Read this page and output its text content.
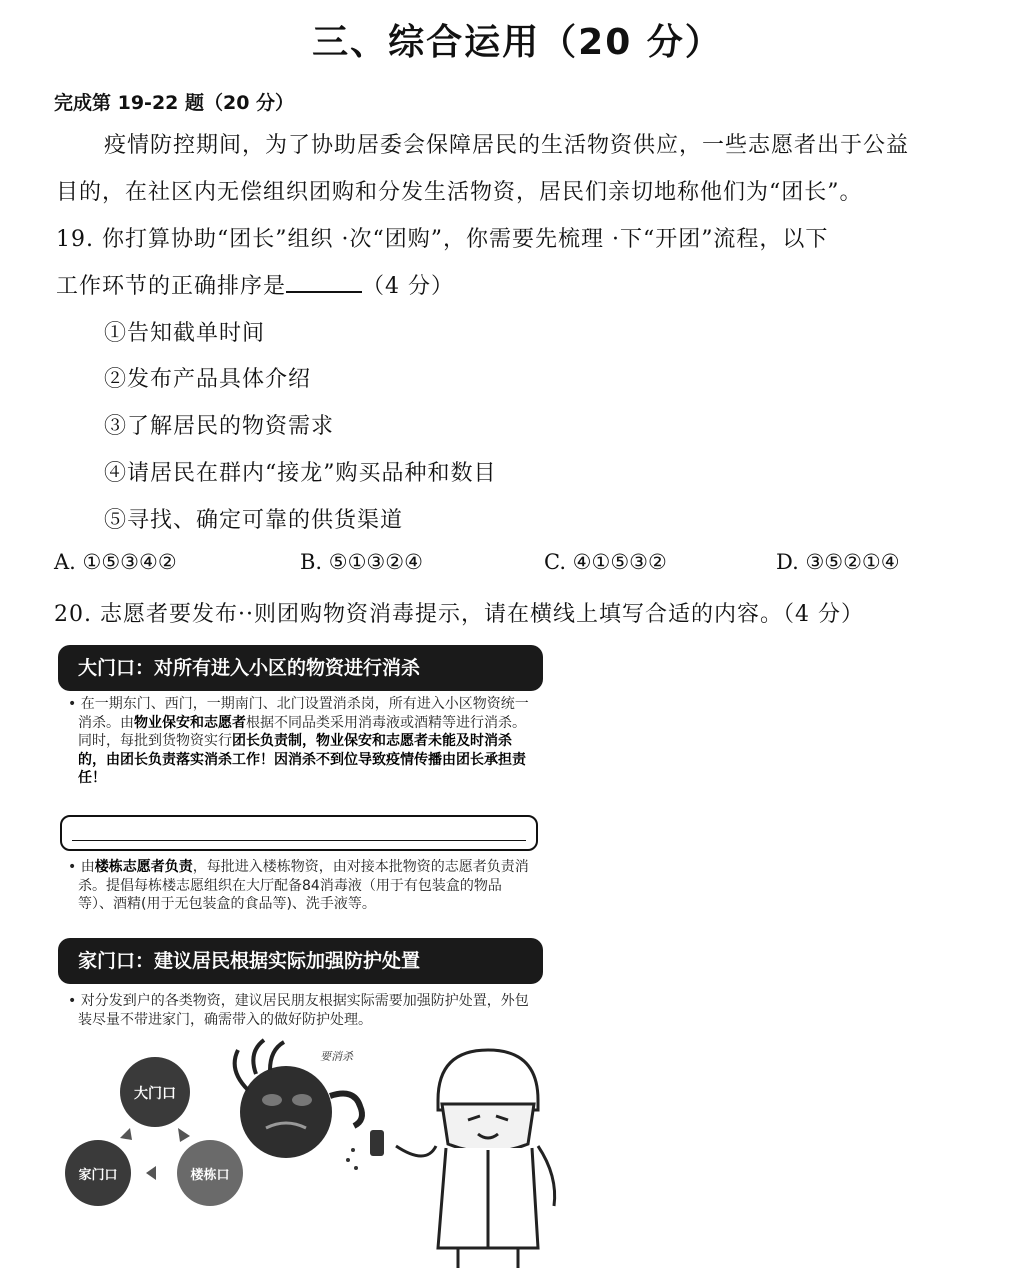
三、综合运用（20 分）
完成第 19-22 题（20 分）
疫情防控期间，为了协助居委会保障居民的生活物资供应，一些志愿者出于公益
目的，在社区内无偿组织团购和分发生活物资，居民们亲切地称他们为“团长”。
19. 你打算协助“团长”组织 ·次“团购”，你需要先梳理 ·下“开团”流程，以下
工作环节的正确排序是	（4 分）
①告知截单时间
②发布产品具体介绍
③了解居民的物资需求
④请居民在群内“接龙”购买品种和数目
⑤寻找、确定可靠的供货渠道
A. ①⑤③④②	B. ⑤①③②④	C. ④①⑤③②	D. ③⑤②①④
20. 志愿者要发布··则团购物资消毒提示，请在横线上填写合适的内容。（4 分）
大门口：对所有进入小区的物资进行消杀
• 在一期东门、西门，一期南门、北门设置消杀岗，所有进入小区物资统一消杀。由物业保安和志愿者根据不同品类采用消毒液或酒精等进行消杀。同时，每批到货物资实行团长负责制，物业保安和志愿者未能及时消杀的，由团长负责落实消杀工作！因消杀不到位导致疫情传播由团长承担责任！
• 由楼栋志愿者负责，每批进入楼栋物资，由对接本批物资的志愿者负责消杀。提倡每栋楼志愿组织在大厅配备84消毒液（用于有包装盒的物品等）、酒精(用于无包装盒的食品等)、洗手液等。
家门口：建议居民根据实际加强防护处置
• 对分发到户的各类物资，建议居民朋友根据实际需要加强防护处置，外包装尽量不带进家门，确需带入的做好防护处理。
大门口
家门口	楼栋口
要消杀
